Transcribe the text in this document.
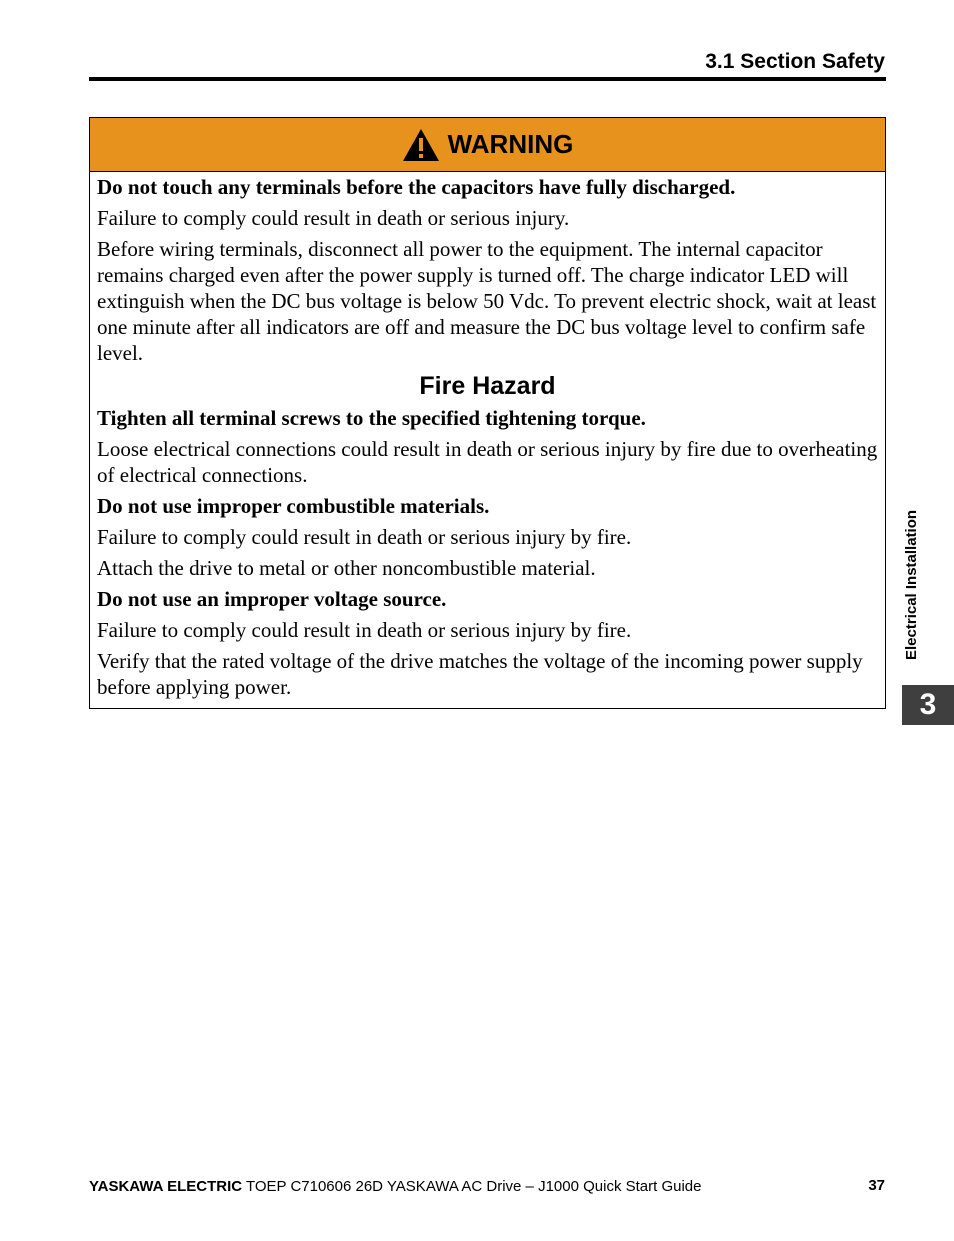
3.1 Section Safety
WARNING

Do not touch any terminals before the capacitors have fully discharged.

Failure to comply could result in death or serious injury.

Before wiring terminals, disconnect all power to the equipment. The internal capacitor remains charged even after the power supply is turned off. The charge indicator LED will extinguish when the DC bus voltage is below 50 Vdc. To prevent electric shock, wait at least one minute after all indicators are off and measure the DC bus voltage level to confirm safe level.

Fire Hazard

Tighten all terminal screws to the specified tightening torque.

Loose electrical connections could result in death or serious injury by fire due to overheating of electrical connections.

Do not use improper combustible materials.

Failure to comply could result in death or serious injury by fire.

Attach the drive to metal or other noncombustible material.

Do not use an improper voltage source.

Failure to comply could result in death or serious injury by fire.

Verify that the rated voltage of the drive matches the voltage of the incoming power supply before applying power.

Electrical Installation
3
YASKAWA ELECTRIC TOEP C710606 26D YASKAWA AC Drive – J1000 Quick Start Guide	37
